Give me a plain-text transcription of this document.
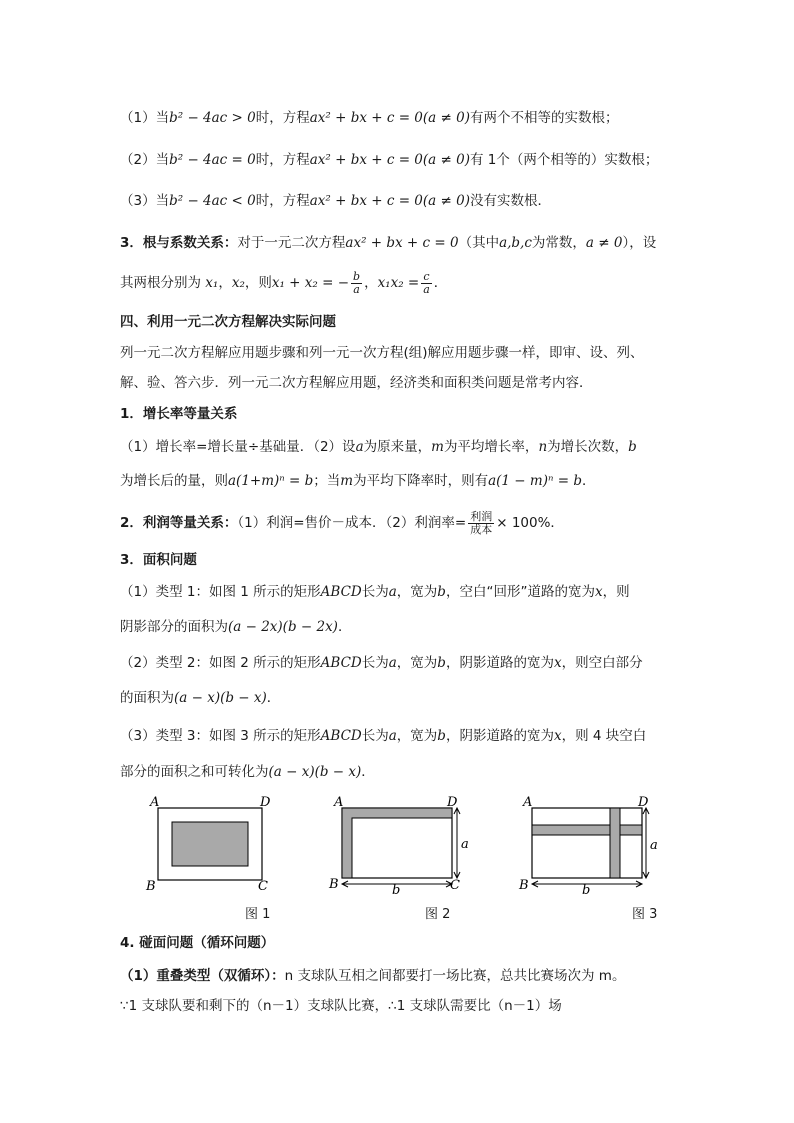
（1）当b² − 4ac > 0时，方程ax² + bx + c = 0(a ≠ 0)有两个不相等的实数根；
（2）当b² − 4ac = 0时，方程ax² + bx + c = 0(a ≠ 0)有 1个（两个相等的）实数根；
（3）当b² − 4ac < 0时，方程ax² + bx + c = 0(a ≠ 0)没有实数根．
3．根与系数关系：对于一元二次方程ax² + bx + c = 0（其中a,b,c为常数，a ≠ 0），设
其两根分别为 x₁，x₂，则x₁ + x₂ = − $\frac{b}{a}$ ，$x_1x_2 = \frac{c}{a}$ ．
四、利用一元二次方程解决实际问题
列一元二次方程解应用题步骤和列一元一次方程(组)解应用题步骤一样，即审、设、列、
解、验、答六步．列一元二次方程解应用题，经济类和面积类问题是常考内容．
1．增长率等量关系
（1）增长率=增长量÷基础量．（2）设a为原来量，m为平均增长率，n为增长次数，b
为增长后的量，则a(1+m)ⁿ = b；当m为平均下降率时，则有a(1 − m)ⁿ = b．
2．利润等量关系：（1）利润=售价－成本．（2）利润率= $\frac{\text{利润}}{\text{成本}} \times 100\%$．
3．面积问题
（1）类型 1：如图 1 所示的矩形ABCD长为a，宽为b，空白“回形”道路的宽为x，则
阴影部分的面积为(a − 2x)(b − 2x)．
（2）类型 2：如图 2 所示的矩形ABCD长为a，宽为b，阴影道路的宽为x，则空白部分
的面积为(a − x)(b − x)．
（3）类型 3：如图 3 所示的矩形ABCD长为a，宽为b，阴影道路的宽为x，则 4 块空白
部分的面积之和可转化为(a − x)(b − x)．
A	D
B	C
图 1
A	D
B	C
a
b
图 2
A	D
B
a
b
图 3
4. 碰面问题（循环问题）
（1）重叠类型（双循环）：n 支球队互相之间都要打一场比赛，总共比赛场次为 m。
∵1 支球队要和剩下的（n－1）支球队比赛，∴1 支球队需要比（n－1）场
